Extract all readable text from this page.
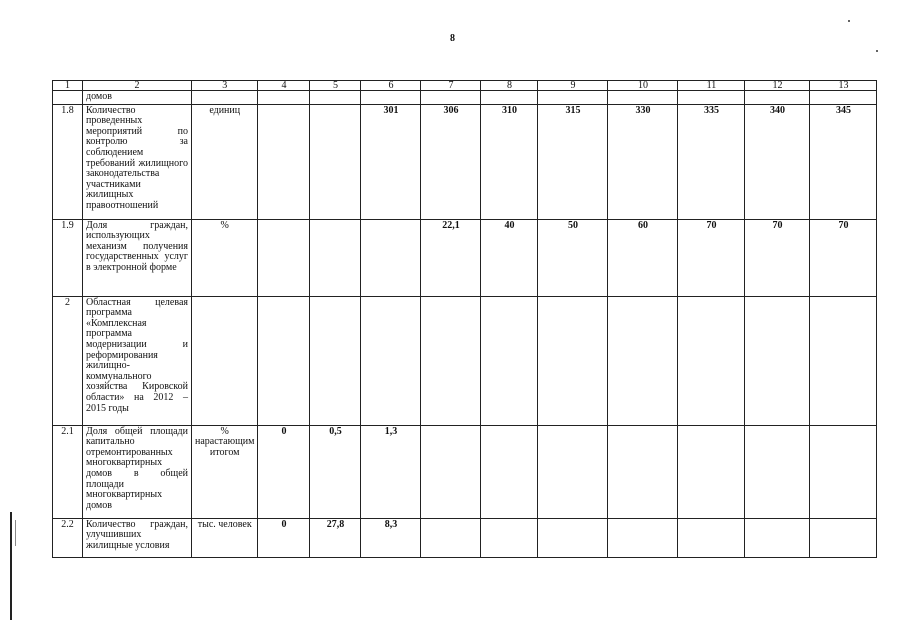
8
1	2	3	4	5	6	7	8	9	10	11	12	13
	домов											
1.8	Количество проведенных мероприятий по контролю за соблюдением требований жилищного законодательства участниками жилищных правоотношений	единиц			301	306	310	315	330	335	340	345
1.9	Доля граждан, использующих механизм получения государственных услуг в электронной форме	%				22,1	40	50	60	70	70	70
2	Областная целевая программа «Комплексная программа модернизации и реформирования жилищно-коммунального хозяйства Кировской области» на 2012 – 2015 годы											
2.1	Доля общей площади капитально отремонтированных многоквартирных домов в общей площади многоквартирных домов	% нарастающим итогом	0	0,5	1,3							
2.2	Количество граждан, улучшивших жилищные условия	тыс. человек	0	27,8	8,3							
